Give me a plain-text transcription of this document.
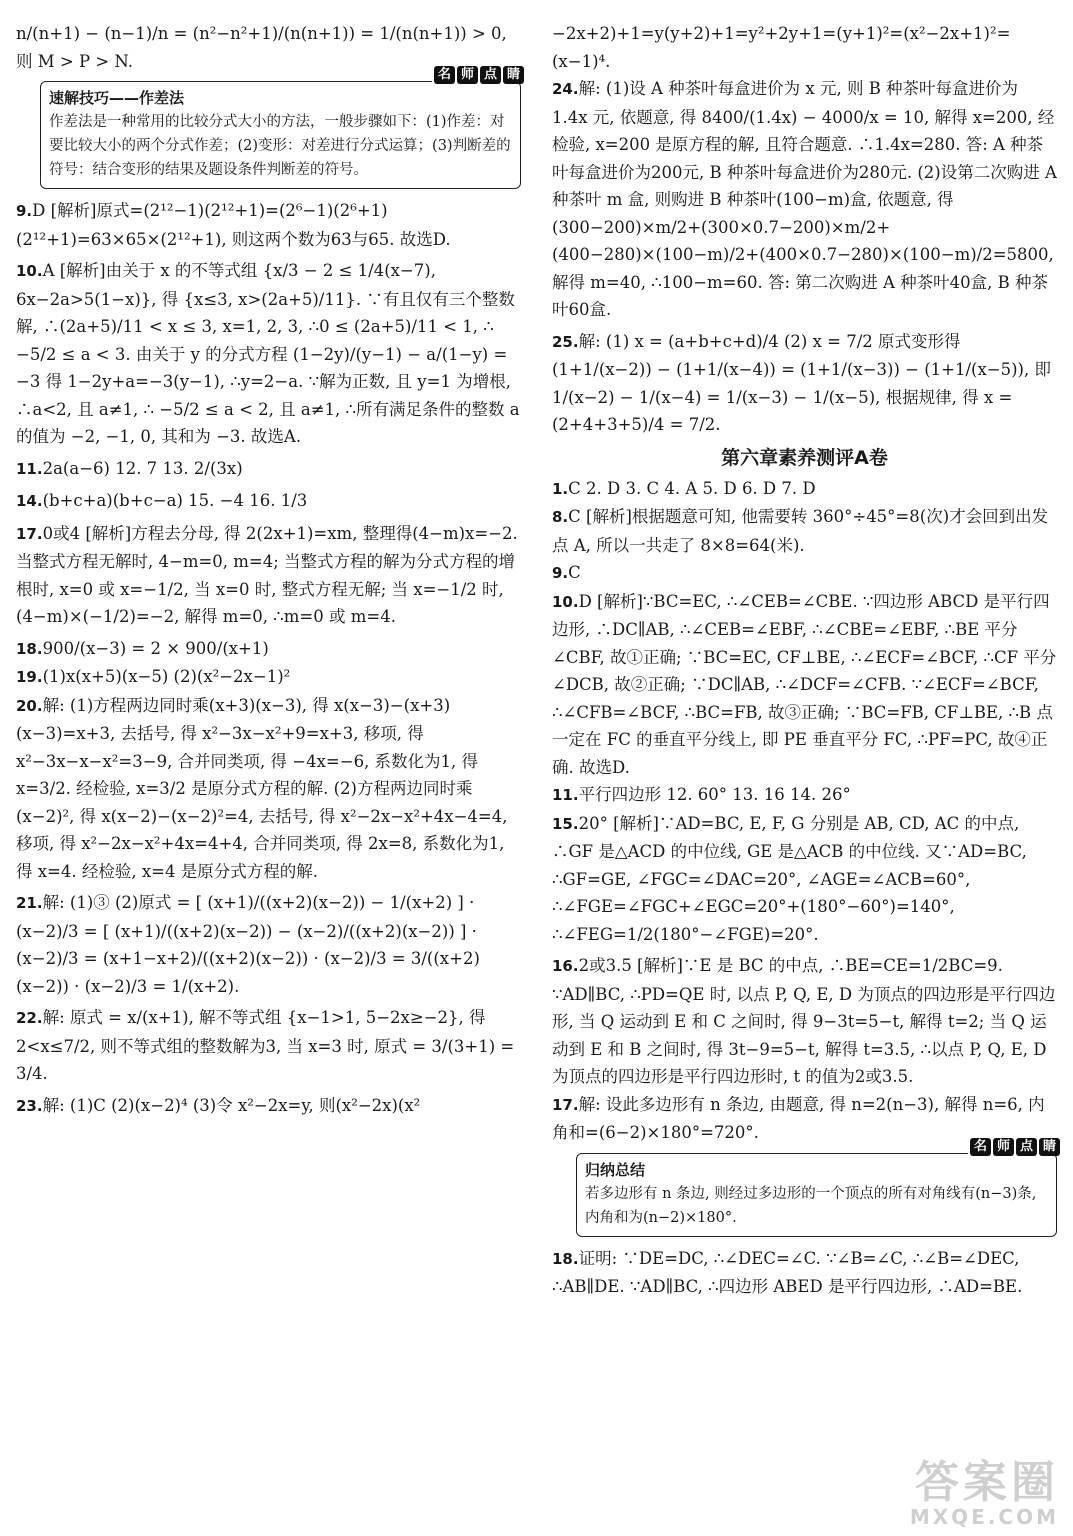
n/(n+1) − (n−1)/n = (n²−n²+1)/(n(n+1)) = 1/(n(n+1)) > 0, 则 M > P > N.

名 师 点 睛
速解技巧——作差法
作差法是一种常用的比较分式大小的方法，一般步骤如下：(1)作差：对要比较大小的两个分式作差；(2)变形：对差进行分式运算；(3)判断差的符号：结合变形的结果及题设条件判断差的符号。

9.D [解析]原式=(2¹²−1)(2¹²+1)=(2⁶−1)(2⁶+1)(2¹²+1)=63×65×(2¹²+1), 则这两个数为63与65. 故选D.

10.A [解析]由关于 x 的不等式组 {x/3 − 2 ≤ 1/4(x−7), 6x−2a>5(1−x)}, 得 {x≤3, x>(2a+5)/11}. ∵有且仅有三个整数解, ∴(2a+5)/11 < x ≤ 3, x=1, 2, 3, ∴0 ≤ (2a+5)/11 < 1, ∴ −5/2 ≤ a < 3. 由关于 y 的分式方程 (1−2y)/(y−1) − a/(1−y) = −3 得 1−2y+a=−3(y−1), ∴y=2−a. ∵解为正数, 且 y=1 为增根, ∴a<2, 且 a≠1, ∴ −5/2 ≤ a < 2, 且 a≠1, ∴所有满足条件的整数 a 的值为 −2, −1, 0, 其和为 −3. 故选A.

11.2a(a−6) 12. 7 13. 2/(3x)

14.(b+c+a)(b+c−a) 15. −4 16. 1/3

17.0或4 [解析]方程去分母, 得 2(2x+1)=xm, 整理得(4−m)x=−2. 当整式方程无解时, 4−m=0, m=4; 当整式方程的解为分式方程的增根时, x=0 或 x=−1/2, 当 x=0 时, 整式方程无解; 当 x=−1/2 时, (4−m)×(−1/2)=−2, 解得 m=0, ∴m=0 或 m=4.

18.900/(x−3) = 2 × 900/(x+1)

19.(1)x(x+5)(x−5) (2)(x²−2x−1)²

20.解: (1)方程两边同时乘(x+3)(x−3), 得 x(x−3)−(x+3)(x−3)=x+3, 去括号, 得 x²−3x−x²+9=x+3, 移项, 得 x²−3x−x−x²=3−9, 合并同类项, 得 −4x=−6, 系数化为1, 得 x=3/2. 经检验, x=3/2 是原分式方程的解. (2)方程两边同时乘(x−2)², 得 x(x−2)−(x−2)²=4, 去括号, 得 x²−2x−x²+4x−4=4, 移项, 得 x²−2x−x²+4x=4+4, 合并同类项, 得 2x=8, 系数化为1, 得 x=4. 经检验, x=4 是原分式方程的解.

21.解: (1)③ (2)原式 = [ (x+1)/((x+2)(x−2)) − 1/(x+2) ] · (x−2)/3 = [ (x+1)/((x+2)(x−2)) − (x−2)/((x+2)(x−2)) ] · (x−2)/3 = (x+1−x+2)/((x+2)(x−2)) · (x−2)/3 = 3/((x+2)(x−2)) · (x−2)/3 = 1/(x+2).

22.解: 原式 = x/(x+1), 解不等式组 {x−1>1, 5−2x≥−2}, 得 2<x≤7/2, 则不等式组的整数解为3, 当 x=3 时, 原式 = 3/(3+1) = 3/4.

23.解: (1)C (2)(x−2)⁴ (3)令 x²−2x=y, 则(x²−2x)(x²

−2x+2)+1=y(y+2)+1=y²+2y+1=(y+1)²=(x²−2x+1)²=(x−1)⁴.

24.解: (1)设 A 种茶叶每盒进价为 x 元, 则 B 种茶叶每盒进价为 1.4x 元, 依题意, 得 8400/(1.4x) − 4000/x = 10, 解得 x=200, 经检验, x=200 是原方程的解, 且符合题意. ∴1.4x=280. 答: A 种茶叶每盒进价为200元, B 种茶叶每盒进价为280元. (2)设第二次购进 A 种茶叶 m 盒, 则购进 B 种茶叶(100−m)盒, 依题意, 得(300−200)×m/2+(300×0.7−200)×m/2+(400−280)×(100−m)/2+(400×0.7−280)×(100−m)/2=5800, 解得 m=40, ∴100−m=60. 答: 第二次购进 A 种茶叶40盒, B 种茶叶60盒.

25.解: (1) x = (a+b+c+d)/4 (2) x = 7/2 原式变形得 (1+1/(x−2)) − (1+1/(x−4)) = (1+1/(x−3)) − (1+1/(x−5)), 即 1/(x−2) − 1/(x−4) = 1/(x−3) − 1/(x−5), 根据规律, 得 x = (2+4+3+5)/4 = 7/2.

第六章素养测评A卷

1.C 2. D 3. C 4. A 5. D 6. D 7. D

8.C [解析]根据题意可知, 他需要转 360°÷45°=8(次)才会回到出发点 A, 所以一共走了 8×8=64(米).

9.C

10.D [解析]∵BC=EC, ∴∠CEB=∠CBE. ∵四边形 ABCD 是平行四边形, ∴DC∥AB, ∴∠CEB=∠EBF, ∴∠CBE=∠EBF, ∴BE 平分∠CBF, 故①正确; ∵BC=EC, CF⊥BE, ∴∠ECF=∠BCF, ∴CF 平分∠DCB, 故②正确; ∵DC∥AB, ∴∠DCF=∠CFB. ∵∠ECF=∠BCF, ∴∠CFB=∠BCF, ∴BC=FB, 故③正确; ∵BC=FB, CF⊥BE, ∴B 点一定在 FC 的垂直平分线上, 即 PE 垂直平分 FC, ∴PF=PC, 故④正确. 故选D.

11.平行四边形 12. 60° 13. 16 14. 26°

15.20° [解析]∵AD=BC, E, F, G 分别是 AB, CD, AC 的中点, ∴GF 是△ACD 的中位线, GE 是△ACB 的中位线. 又∵AD=BC, ∴GF=GE, ∠FGC=∠DAC=20°, ∠AGE=∠ACB=60°, ∴∠FGE=∠FGC+∠EGC=20°+(180°−60°)=140°, ∴∠FEG=1/2(180°−∠FGE)=20°.

16.2或3.5 [解析]∵E 是 BC 的中点, ∴BE=CE=1/2BC=9. ∵AD∥BC, ∴PD=QE 时, 以点 P, Q, E, D 为顶点的四边形是平行四边形, 当 Q 运动到 E 和 C 之间时, 得 9−3t=5−t, 解得 t=2; 当 Q 运动到 E 和 B 之间时, 得 3t−9=5−t, 解得 t=3.5, ∴以点 P, Q, E, D 为顶点的四边形是平行四边形时, t 的值为2或3.5.

17.解: 设此多边形有 n 条边, 由题意, 得 n=2(n−3), 解得 n=6, 内角和=(6−2)×180°=720°.

名 师 点 睛
归纳总结
若多边形有 n 条边, 则经过多边形的一个顶点的所有对角线有(n−3)条, 内角和为(n−2)×180°.

18.证明: ∵DE=DC, ∴∠DEC=∠C. ∵∠B=∠C, ∴∠B=∠DEC, ∴AB∥DE. ∵AD∥BC, ∴四边形 ABED 是平行四边形, ∴AD=BE.

答案圈
MXQE.COM
